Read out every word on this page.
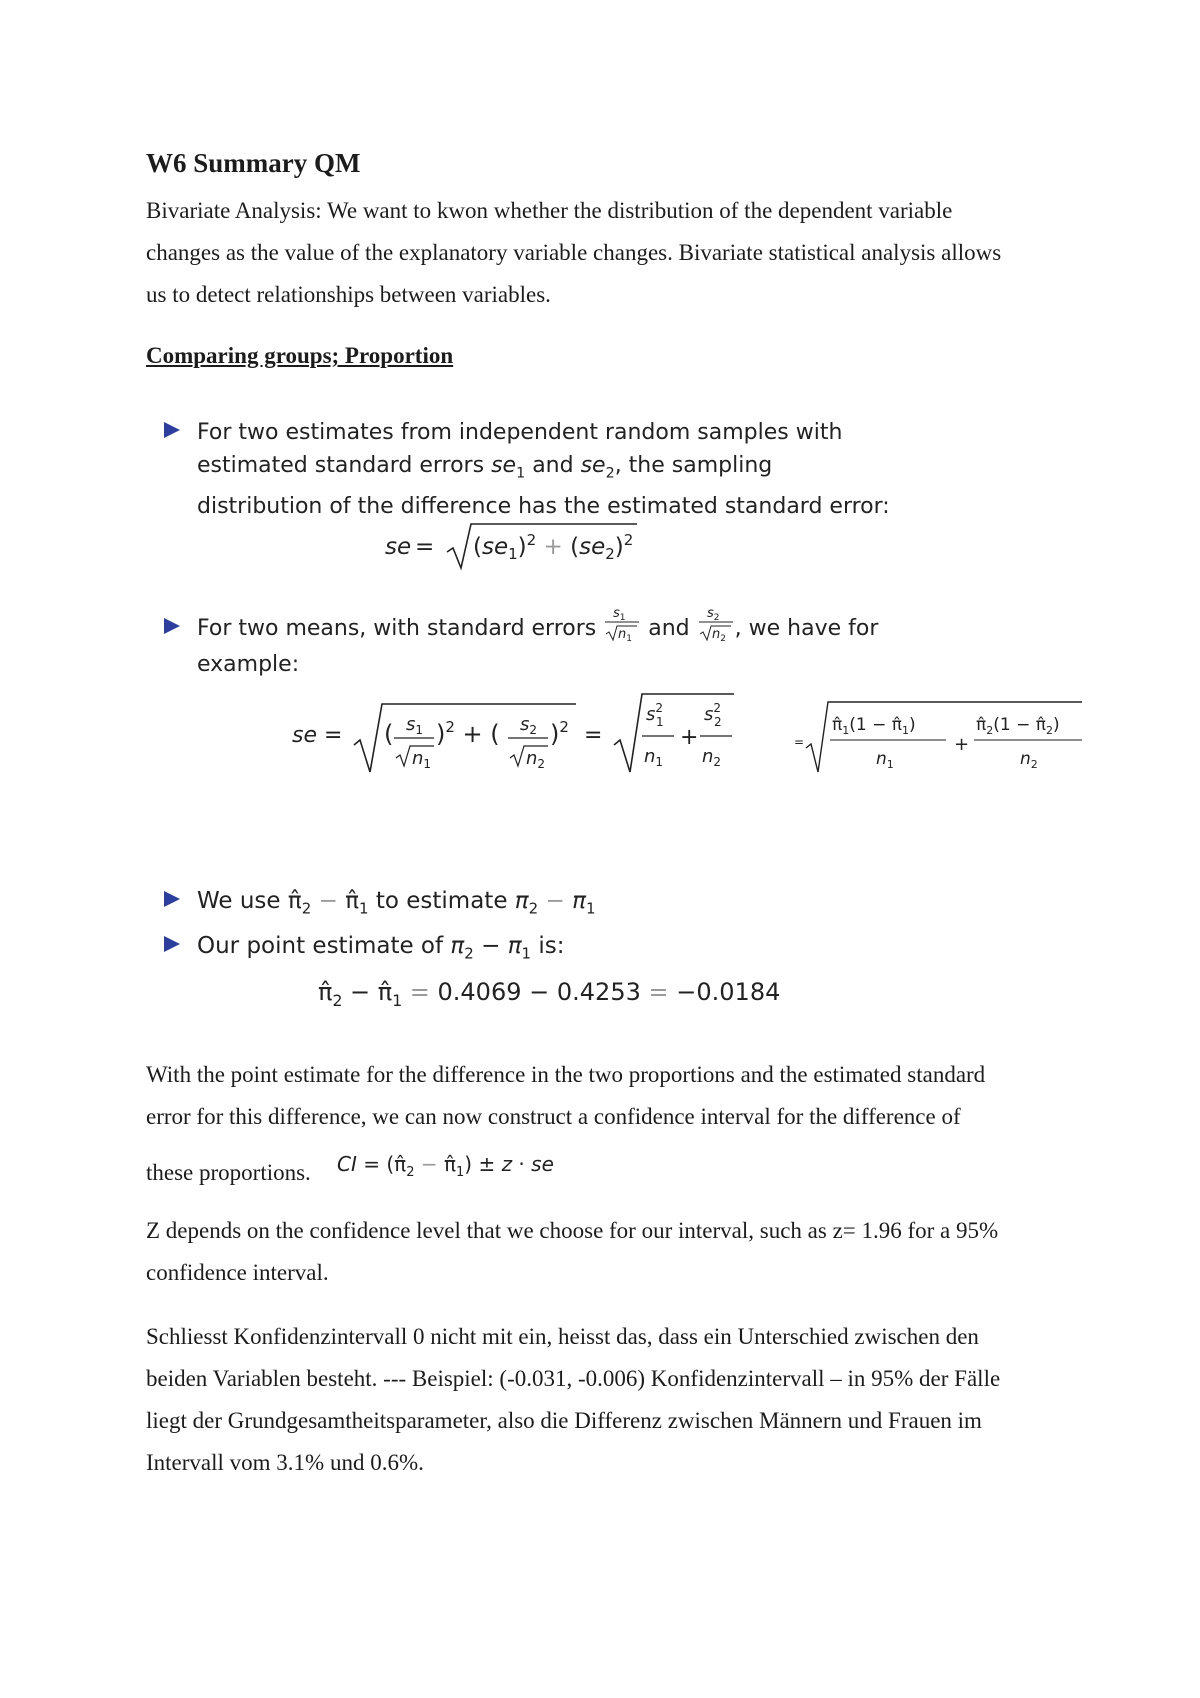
W6 Summary QM

Bivariate Analysis: We want to kwon whether the distribution of the dependent variable

changes as the value of the explanatory variable changes. Bivariate statistical analysis allows

us to detect relationships between variables.

Comparing groups; Proportion
For two estimates from independent random samples with
estimated standard errors $se_1$ and $se_2$, the sampling
distribution of the difference has the estimated standard error:
se = $(se_1)^2 + (se_2)^2$
For two means, with standard errors
$s_1$
$n_1$ and
$s_2$
$n_2$ , we have for
example:
se = ( $s_1$
$n_1$
)$^2$ + ( $s_2$
$n_2$
)$^2$ =
$s^2$ 1
$n_1$
+
$s^2$ 2
$n_2$
=
$\pî_1(1$ − $\pî_1$)
$n_1$
+
$\pî_2(1$ − $\pî_2$)
$n_2$
We use $\pî_2$ − $\pî_1$ to estimate $\pi_2 - \pi_1$
Our point estimate of $\pi_2 - \pi_1$ is:
$\pî_2$ − $\pî_1 = 0.4069 - 0.4253 = -0.0184$

With the point estimate for the difference in the two proportions and the estimated standard

error for this difference, we can now construct a confidence interval for the difference of

these proportions.	CI = ($\pî_2$ − $\pî_1) \pm z$ · se

Z depends on the confidence level that we choose for our interval, such as z= 1.96 for a 95%

confidence interval.

Schliesst Konfidenzintervall 0 nicht mit ein, heisst das, dass ein Unterschied zwischen den

beiden Variablen besteht. --- Beispiel: (-0.031, -0.006) Konfidenzintervall – in 95% der Fälle

liegt der Grundgesamtheitsparameter, also die Differenz zwischen Männern und Frauen im

Intervall vom 3.1% und 0.6%.
